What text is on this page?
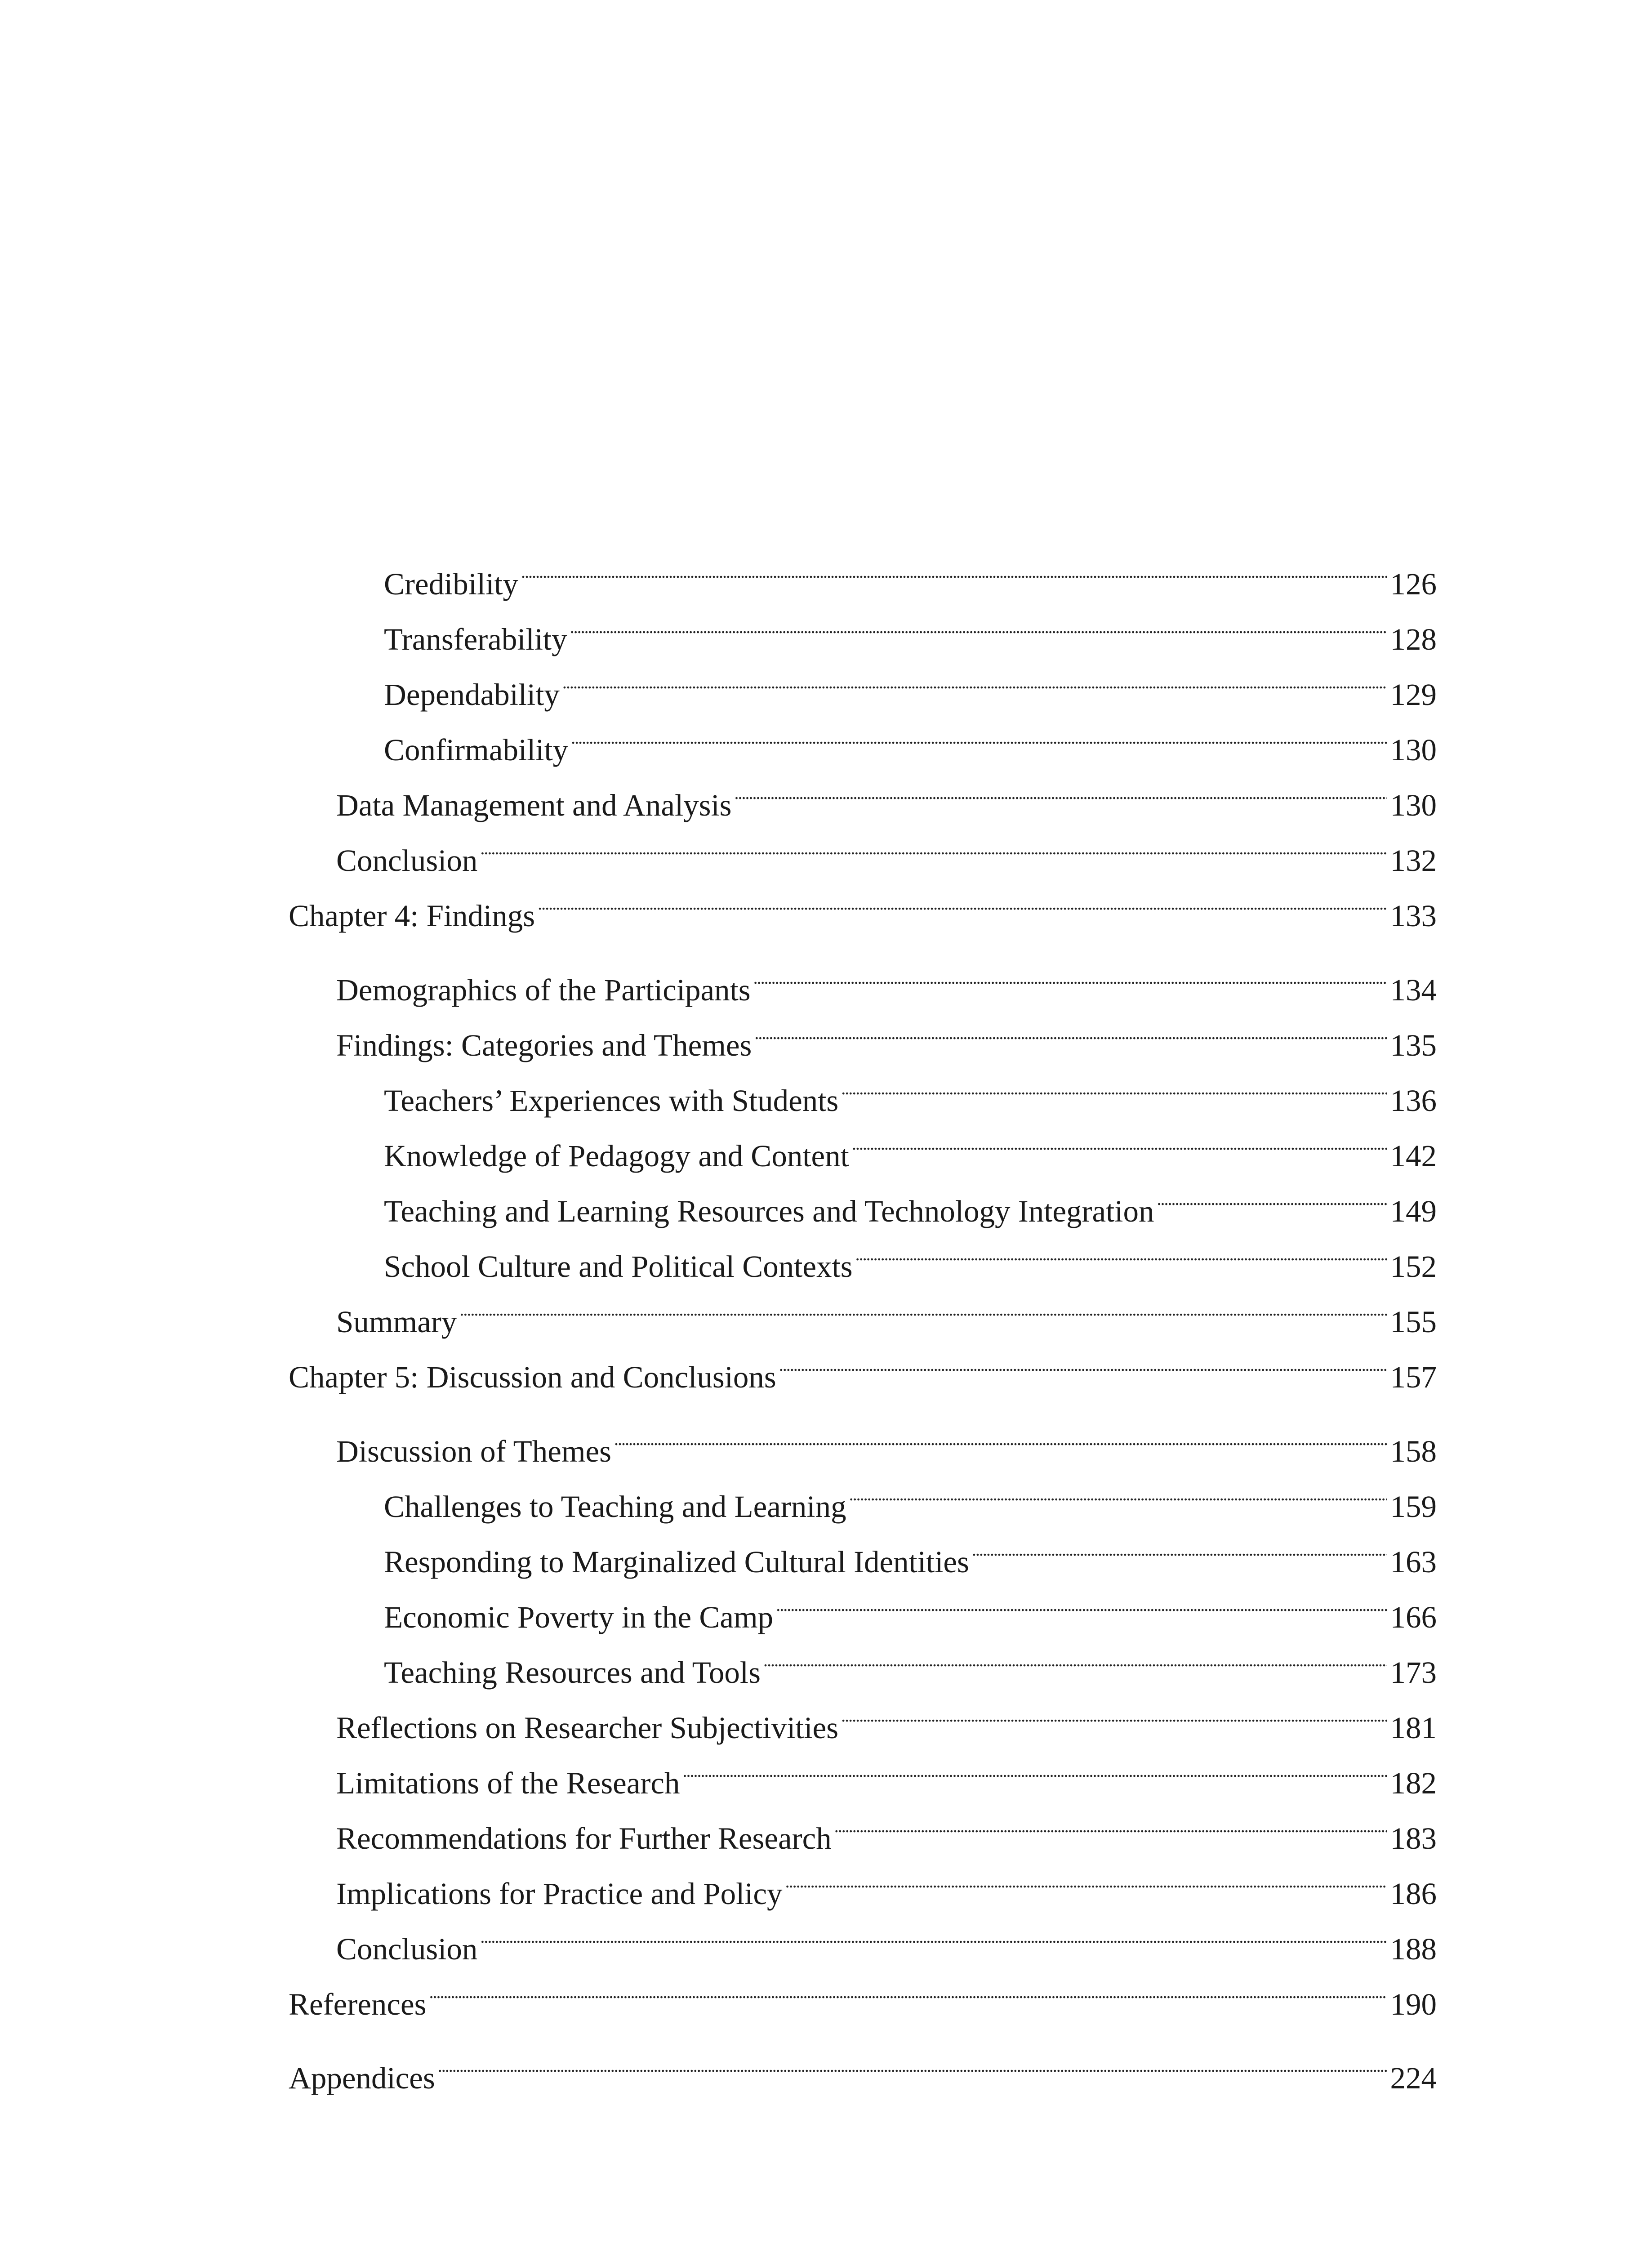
Credibility . . .	126
Transferability . . .	128
Dependability . . .	129
Confirmability . . .	130
Data Management and Analysis . . .	130
Conclusion . . .	132
Chapter 4: Findings . . .	133
Demographics of the Participants . . .	134
Findings: Categories and Themes . . .	135
Teachers’ Experiences with Students . . .	136
Knowledge of Pedagogy and Content . . .	142
Teaching and Learning Resources and Technology Integration . . .	149
School Culture and Political Contexts . . .	152
Summary . . .	155
Chapter 5: Discussion and Conclusions . . .	157
Discussion of Themes . . .	158
Challenges to Teaching and Learning . . .	159
Responding to Marginalized Cultural Identities . . .	163
Economic Poverty in the Camp . . .	166
Teaching Resources and Tools . . .	173
Reflections on Researcher Subjectivities . . .	181
Limitations of the Research . . .	182
Recommendations for Further Research . . .	183
Implications for Practice and Policy . . .	186
Conclusion . . .	188
References . . .	190
Appendices . . .	224
